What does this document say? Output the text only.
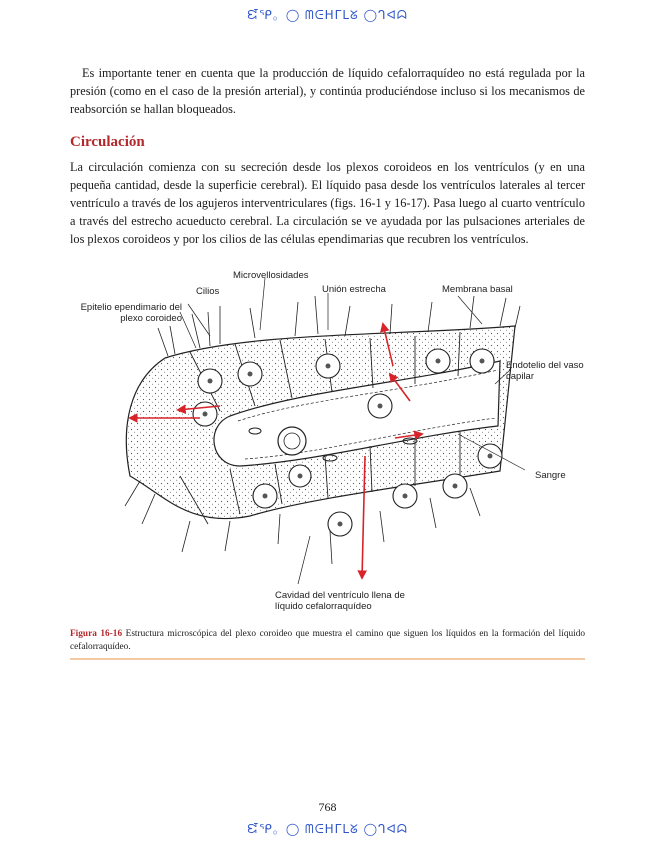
ᘿᕿ。◯ ᗰᕮᕼᒥᒪᘜ ◯ᒉᐊᗣ

Es importante tener en cuenta que la producción de líquido cefalorraquídeo no está regulada por la presión (como en el caso de la presión arterial), y continúa produciéndose incluso si los mecanismos de reabsorción se hallan bloqueados.

Circulación

La circulación comienza con su secreción desde los plexos coroideos en los ventrículos (y en una pequeña cantidad, desde la superficie cerebral). El líquido pasa desde los ventrículos laterales al tercer ventrículo a través de los agujeros interventriculares (figs. 16-1 y 16-17). Pasa luego al cuarto ventrículo a través del estrecho acueducto cerebral. La circulación se ve ayudada por las pulsaciones arteriales de los plexos coroideos y por los cilios de las células ependimarias que recubren los ventrículos.

Microvellosidades
Cilios	Unión estrecha	Membrana basal
Epitelio ependimario del plexo coroideo
Endotelio del vaso capilar
Sangre
Cavidad del ventrículo llena de líquido cefalorraquídeo

Figura 16-16 Estructura microscópica del plexo coroideo que muestra el camino que siguen los líquidos en la formación del líquido cefalorraquídeo.

768
ᘿᕿ。◯ ᗰᕮᕼᒥᒪᘜ ◯ᒉᐊᗣ
